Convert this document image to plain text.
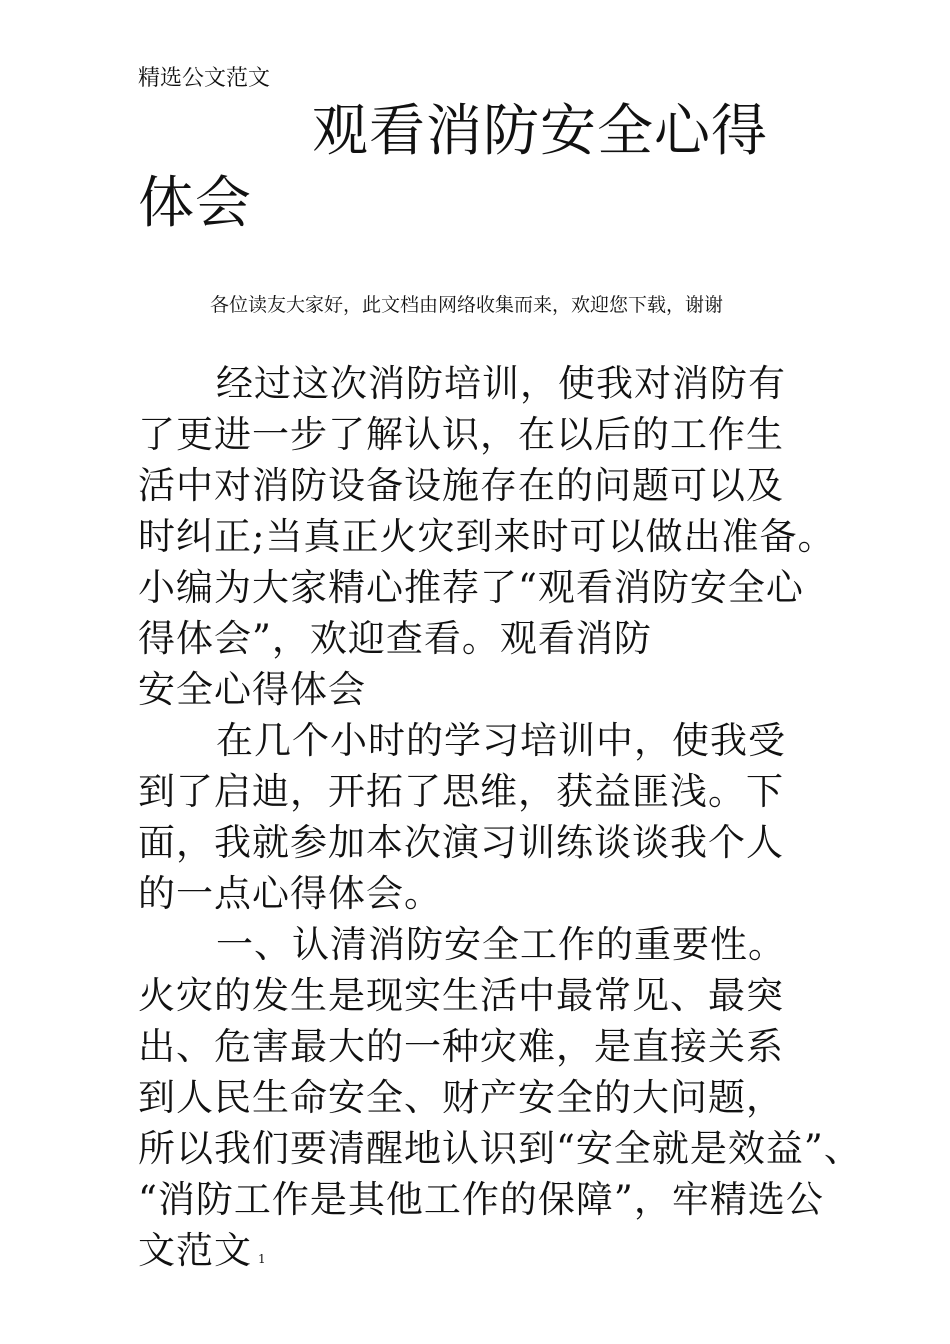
精选公文范文
观看消防安全心得
体会
各位读友大家好，此文档由网络收集而来，欢迎您下载，谢谢
经过这次消防培训，使我对消防有
了更进一步了解认识，在以后的工作生
活中对消防设备设施存在的问题可以及
时纠正;当真正火灾到来时可以做出准备。
小编为大家精心推荐了“观看消防安全心
得体会”，欢迎查看。观看消防
安全心得体会
在几个小时的学习培训中，使我受
到了启迪，开拓了思维，获益匪浅。下
面，我就参加本次演习训练谈谈我个人
的一点心得体会。
一、认清消防安全工作的重要性。
火灾的发生是现实生活中最常见、最突
出、危害最大的一种灾难，是直接关系
到人民生命安全、财产安全的大问题，
所以我们要清醒地认识到“安全就是效益”、
“消防工作是其他工作的保障”，牢精选公
文范文 1
